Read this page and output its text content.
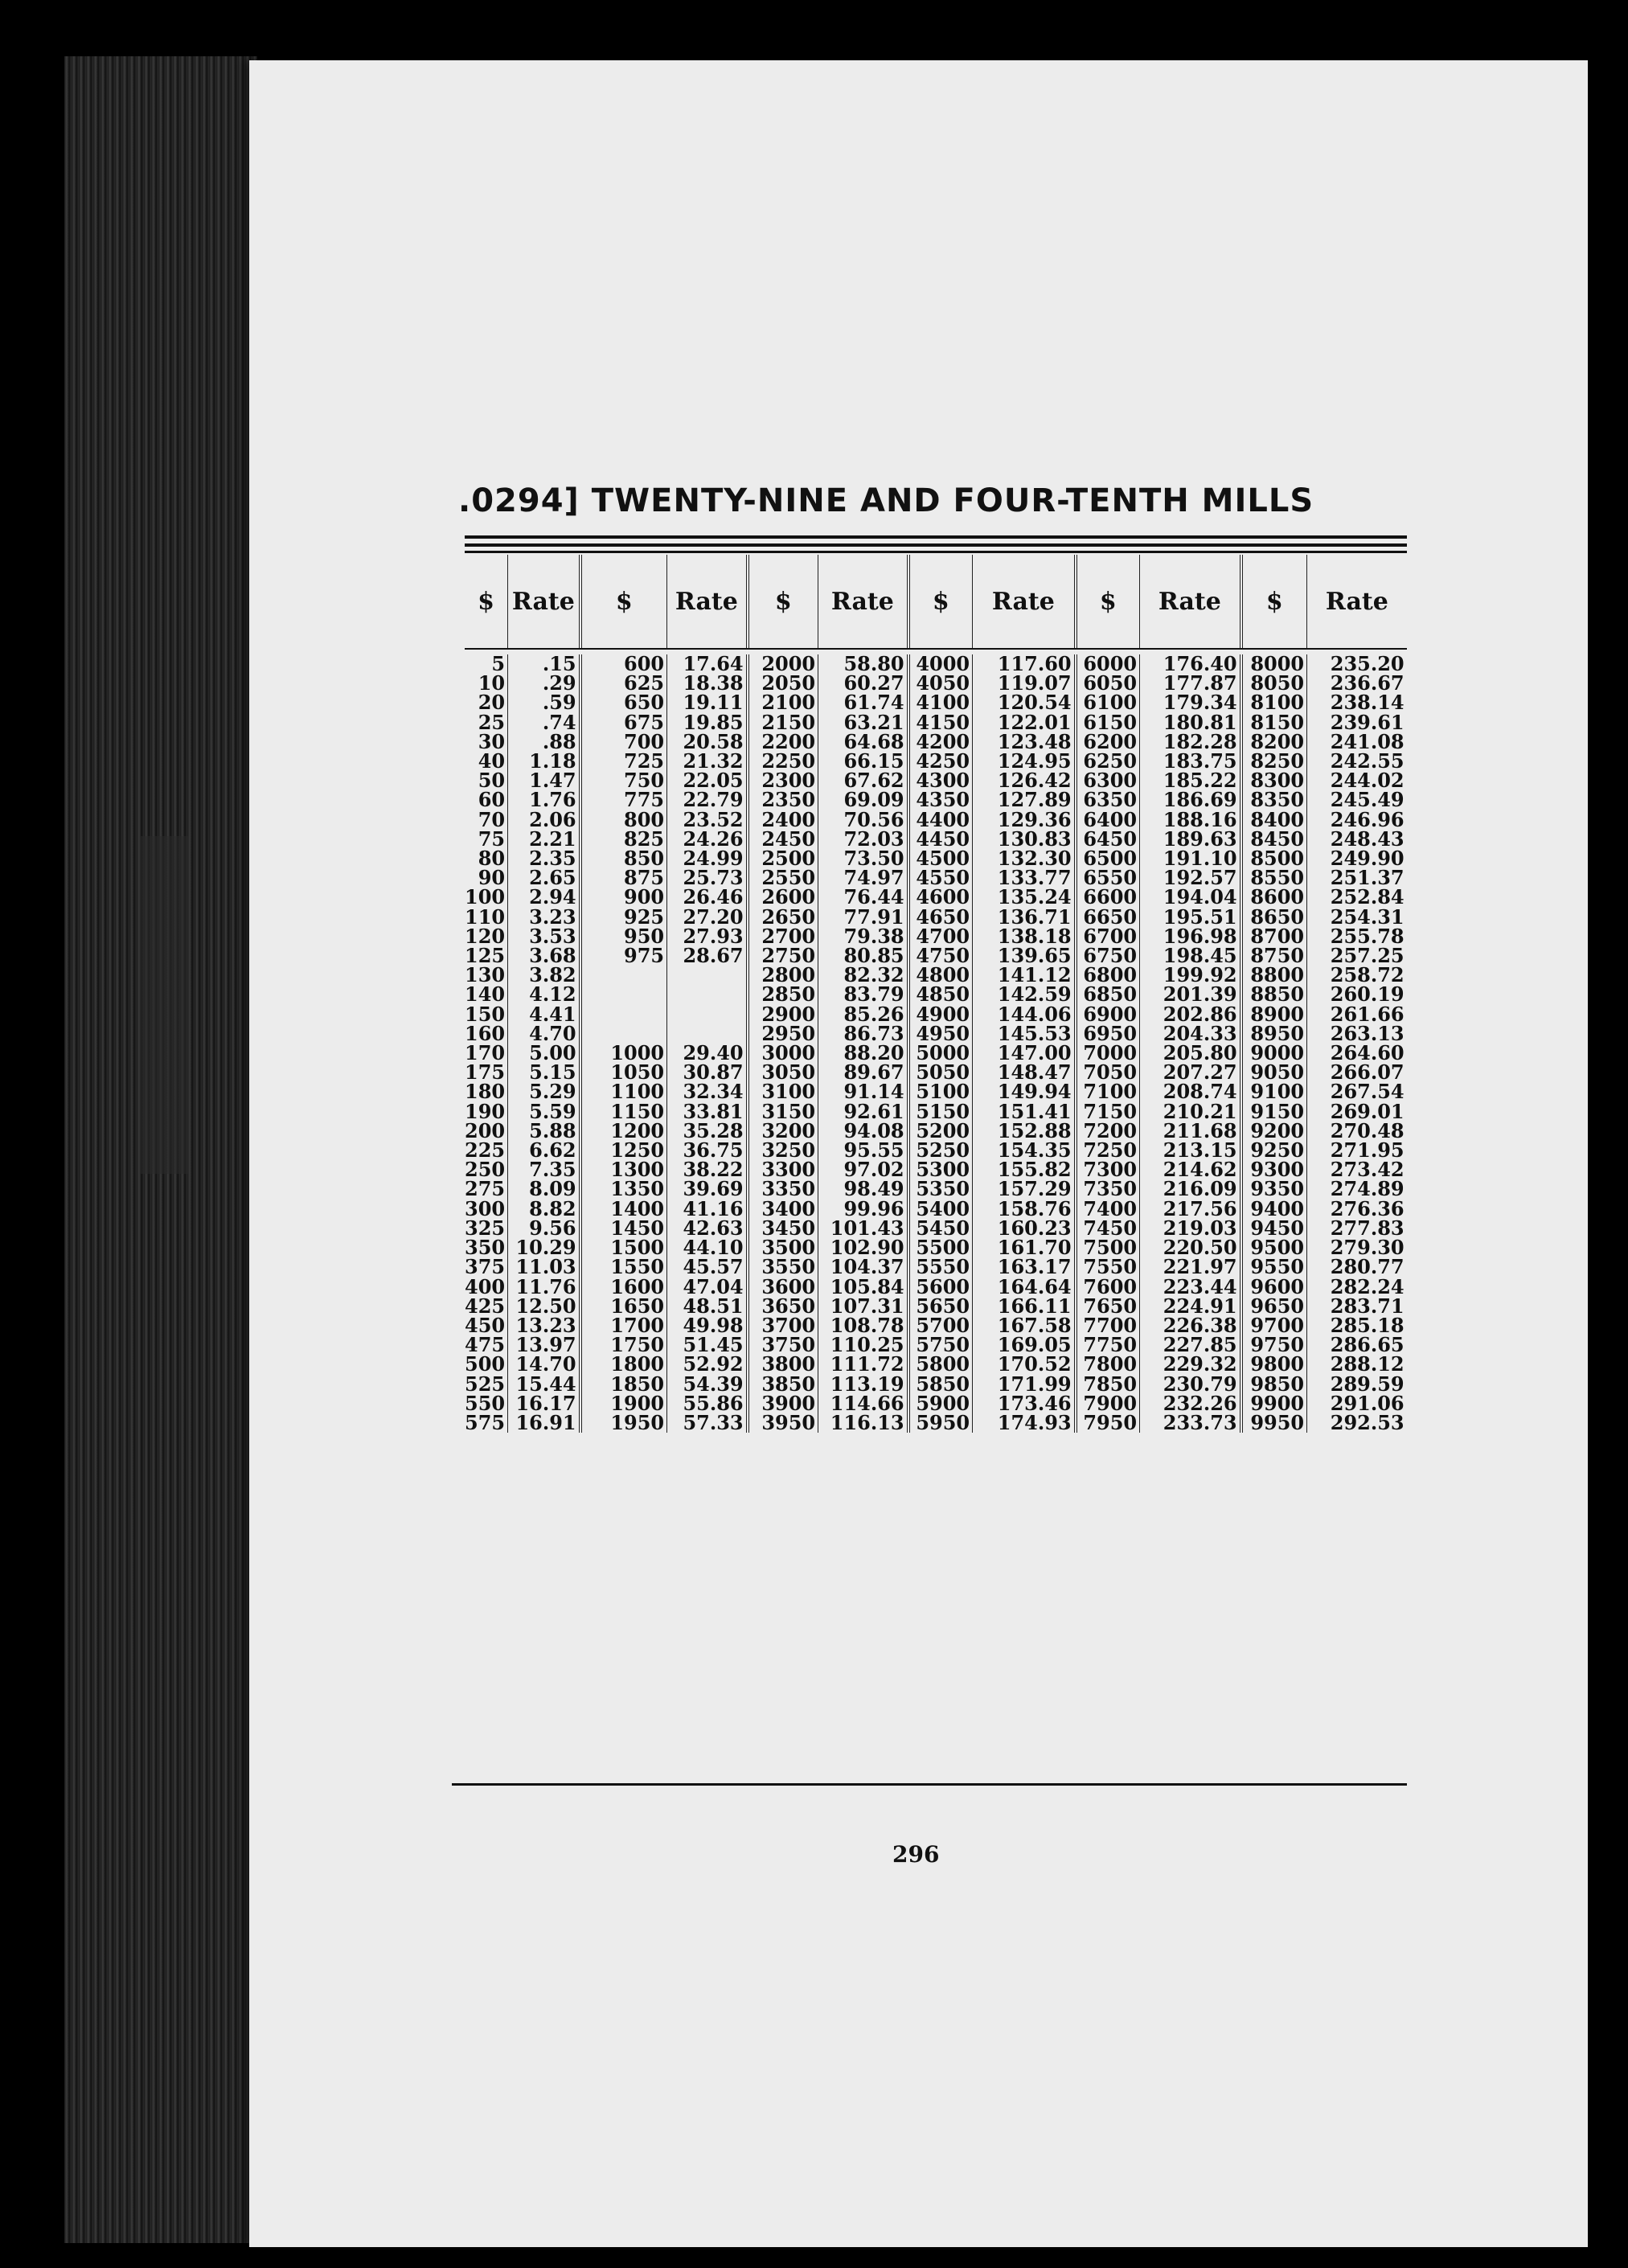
.0294] TWENTY-NINE AND FOUR-TENTH MILLS
$	Rate	$	Rate	$	Rate	$	Rate	$	Rate	$	Rate

5	.15	600	17.64	2000	58.80	4000	117.60	6000	176.40	8000	235.20
10	.29	625	18.38	2050	60.27	4050	119.07	6050	177.87	8050	236.67
20	.59	650	19.11	2100	61.74	4100	120.54	6100	179.34	8100	238.14
25	.74	675	19.85	2150	63.21	4150	122.01	6150	180.81	8150	239.61
30	.88	700	20.58	2200	64.68	4200	123.48	6200	182.28	8200	241.08
40	1.18	725	21.32	2250	66.15	4250	124.95	6250	183.75	8250	242.55
50	1.47	750	22.05	2300	67.62	4300	126.42	6300	185.22	8300	244.02
60	1.76	775	22.79	2350	69.09	4350	127.89	6350	186.69	8350	245.49
70	2.06	800	23.52	2400	70.56	4400	129.36	6400	188.16	8400	246.96
75	2.21	825	24.26	2450	72.03	4450	130.83	6450	189.63	8450	248.43
80	2.35	850	24.99	2500	73.50	4500	132.30	6500	191.10	8500	249.90
90	2.65	875	25.73	2550	74.97	4550	133.77	6550	192.57	8550	251.37
100	2.94	900	26.46	2600	76.44	4600	135.24	6600	194.04	8600	252.84
110	3.23	925	27.20	2650	77.91	4650	136.71	6650	195.51	8650	254.31
120	3.53	950	27.93	2700	79.38	4700	138.18	6700	196.98	8700	255.78
125	3.68	975	28.67	2750	80.85	4750	139.65	6750	198.45	8750	257.25
130	3.82			2800	82.32	4800	141.12	6800	199.92	8800	258.72
140	4.12			2850	83.79	4850	142.59	6850	201.39	8850	260.19
150	4.41			2900	85.26	4900	144.06	6900	202.86	8900	261.66
160	4.70			2950	86.73	4950	145.53	6950	204.33	8950	263.13
170	5.00	1000	29.40	3000	88.20	5000	147.00	7000	205.80	9000	264.60
175	5.15	1050	30.87	3050	89.67	5050	148.47	7050	207.27	9050	266.07
180	5.29	1100	32.34	3100	91.14	5100	149.94	7100	208.74	9100	267.54
190	5.59	1150	33.81	3150	92.61	5150	151.41	7150	210.21	9150	269.01
200	5.88	1200	35.28	3200	94.08	5200	152.88	7200	211.68	9200	270.48
225	6.62	1250	36.75	3250	95.55	5250	154.35	7250	213.15	9250	271.95
250	7.35	1300	38.22	3300	97.02	5300	155.82	7300	214.62	9300	273.42
275	8.09	1350	39.69	3350	98.49	5350	157.29	7350	216.09	9350	274.89
300	8.82	1400	41.16	3400	99.96	5400	158.76	7400	217.56	9400	276.36
325	9.56	1450	42.63	3450	101.43	5450	160.23	7450	219.03	9450	277.83
350	10.29	1500	44.10	3500	102.90	5500	161.70	7500	220.50	9500	279.30
375	11.03	1550	45.57	3550	104.37	5550	163.17	7550	221.97	9550	280.77
400	11.76	1600	47.04	3600	105.84	5600	164.64	7600	223.44	9600	282.24
425	12.50	1650	48.51	3650	107.31	5650	166.11	7650	224.91	9650	283.71
450	13.23	1700	49.98	3700	108.78	5700	167.58	7700	226.38	9700	285.18
475	13.97	1750	51.45	3750	110.25	5750	169.05	7750	227.85	9750	286.65
500	14.70	1800	52.92	3800	111.72	5800	170.52	7800	229.32	9800	288.12
525	15.44	1850	54.39	3850	113.19	5850	171.99	7850	230.79	9850	289.59
550	16.17	1900	55.86	3900	114.66	5900	173.46	7900	232.26	9900	291.06
575	16.91	1950	57.33	3950	116.13	5950	174.93	7950	233.73	9950	292.53
296
